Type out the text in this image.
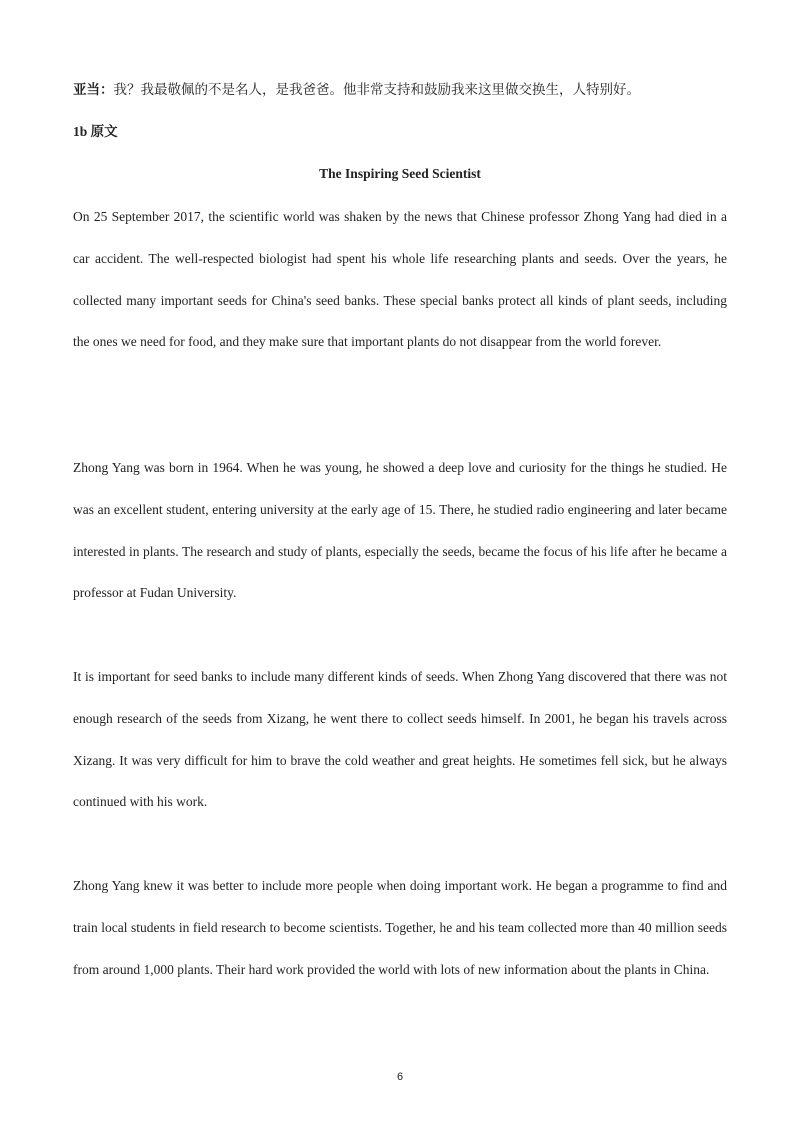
亚当：我？我最敬佩的不是名人，是我爸爸。他非常支持和鼓励我来这里做交换生，人特别好。
1b 原文
The Inspiring Seed Scientist

On 25 September 2017, the scientific world was shaken by the news that Chinese professor Zhong Yang had died in a car accident. The well-respected biologist had spent his whole life researching plants and seeds. Over the years, he collected many important seeds for China's seed banks. These special banks protect all kinds of plant seeds, including the ones we need for food, and they make sure that important plants do not disappear from the world forever.

Zhong Yang was born in 1964. When he was young, he showed a deep love and curiosity for the things he studied. He was an excellent student, entering university at the early age of 15. There, he studied radio engineering and later became interested in plants. The research and study of plants, especially the seeds, became the focus of his life after he became a professor at Fudan University.

It is important for seed banks to include many different kinds of seeds. When Zhong Yang discovered that there was not enough research of the seeds from Xizang, he went there to collect seeds himself. In 2001, he began his travels across Xizang. It was very difficult for him to brave the cold weather and great heights. He sometimes fell sick, but he always continued with his work.

Zhong Yang knew it was better to include more people when doing important work. He began a programme to find and train local students in field research to become scientists. Together, he and his team collected more than 40 million seeds from around 1,000 plants. Their hard work provided the world with lots of new information about the plants in China.

6
